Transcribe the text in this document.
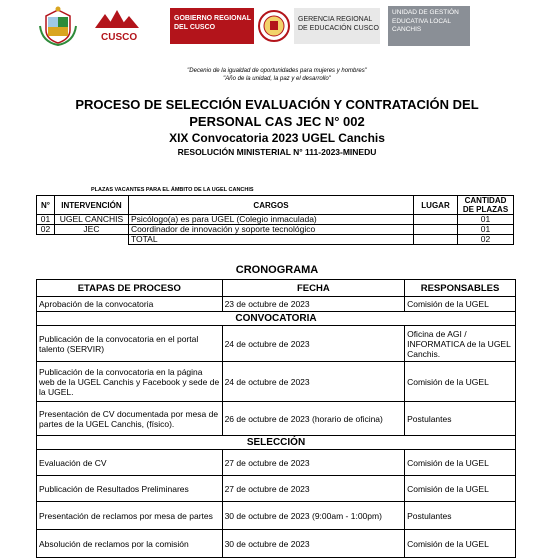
CUSCO
GOBIERNO REGIONAL
DEL CUSCO
GERENCIA REGIONAL
DE EDUCACIÓN CUSCO
UNIDAD DE GESTIÓN
EDUCATIVA LOCAL
CANCHIS
"Decenio de la igualdad de oportunidades para mujeres y hombres"
"Año de la unidad, la paz y el desarrollo"
PROCESO DE SELECCIÓN EVALUACIÓN Y CONTRATACIÓN DEL
PERSONAL CAS JEC N° 002
XIX Convocatoria 2023 UGEL Canchis
RESOLUCIÓN MINISTERIAL N° 111-2023-MINEDU
PLAZAS VACANTES PARA EL ÁMBITO DE LA UGEL CANCHIS
N°	INTERVENCIÓN	CARGOS	LUGAR	CANTIDAD DE PLAZAS
01	UGEL CANCHIS	Psicólogo(a) es para UGEL (Colegio inmaculada)		01
02	JEC	Coordinador de innovación y soporte tecnológico		01
		TOTAL		02
CRONOGRAMA
ETAPAS DE PROCESO	FECHA	RESPONSABLES
Aprobación de la convocatoria	23 de octubre de 2023	Comisión de la UGEL
CONVOCATORIA		
Publicación de la convocatoria en el portal talento (SERVIR)	24 de octubre de 2023	Oficina de AGI / INFORMATICA de la UGEL Canchis.
Publicación de la convocatoria en la página web de la UGEL Canchis y Facebook y sede de la UGEL.	24 de octubre de 2023	Comisión de la UGEL
Presentación de CV documentada por mesa de partes de la UGEL Canchis, (físico).	26 de octubre de 2023 (horario de oficina)	Postulantes
SELECCIÓN		
Evaluación de CV	27 de octubre de 2023	Comisión de la UGEL
Publicación de Resultados Preliminares	27 de octubre de 2023	Comisión de la UGEL
Presentación de reclamos por mesa de partes	30 de octubre de 2023 (9:00am - 1:00pm)	Postulantes
Absolución de reclamos por la comisión	30 de octubre de 2023	Comisión de la UGEL
